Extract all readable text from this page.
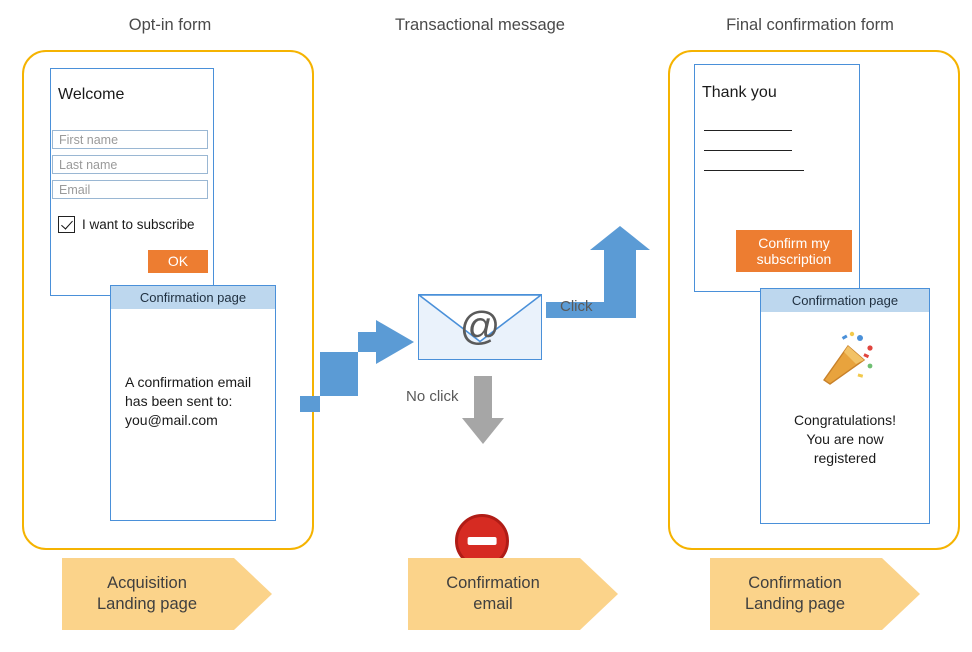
Opt-in form	Transactional message	Final confirmation form
Welcome
First name
Last name
Email
I want to subscribe
OK
Confirmation page
A confirmation email
has been sent to:
you@mail.com
@	Click
No click
Thank you
Confirm my
subscription
Confirmation page
Congratulations!
You are now
registered
Acquisition
Landing page
Confirmation
email
Confirmation
Landing page
